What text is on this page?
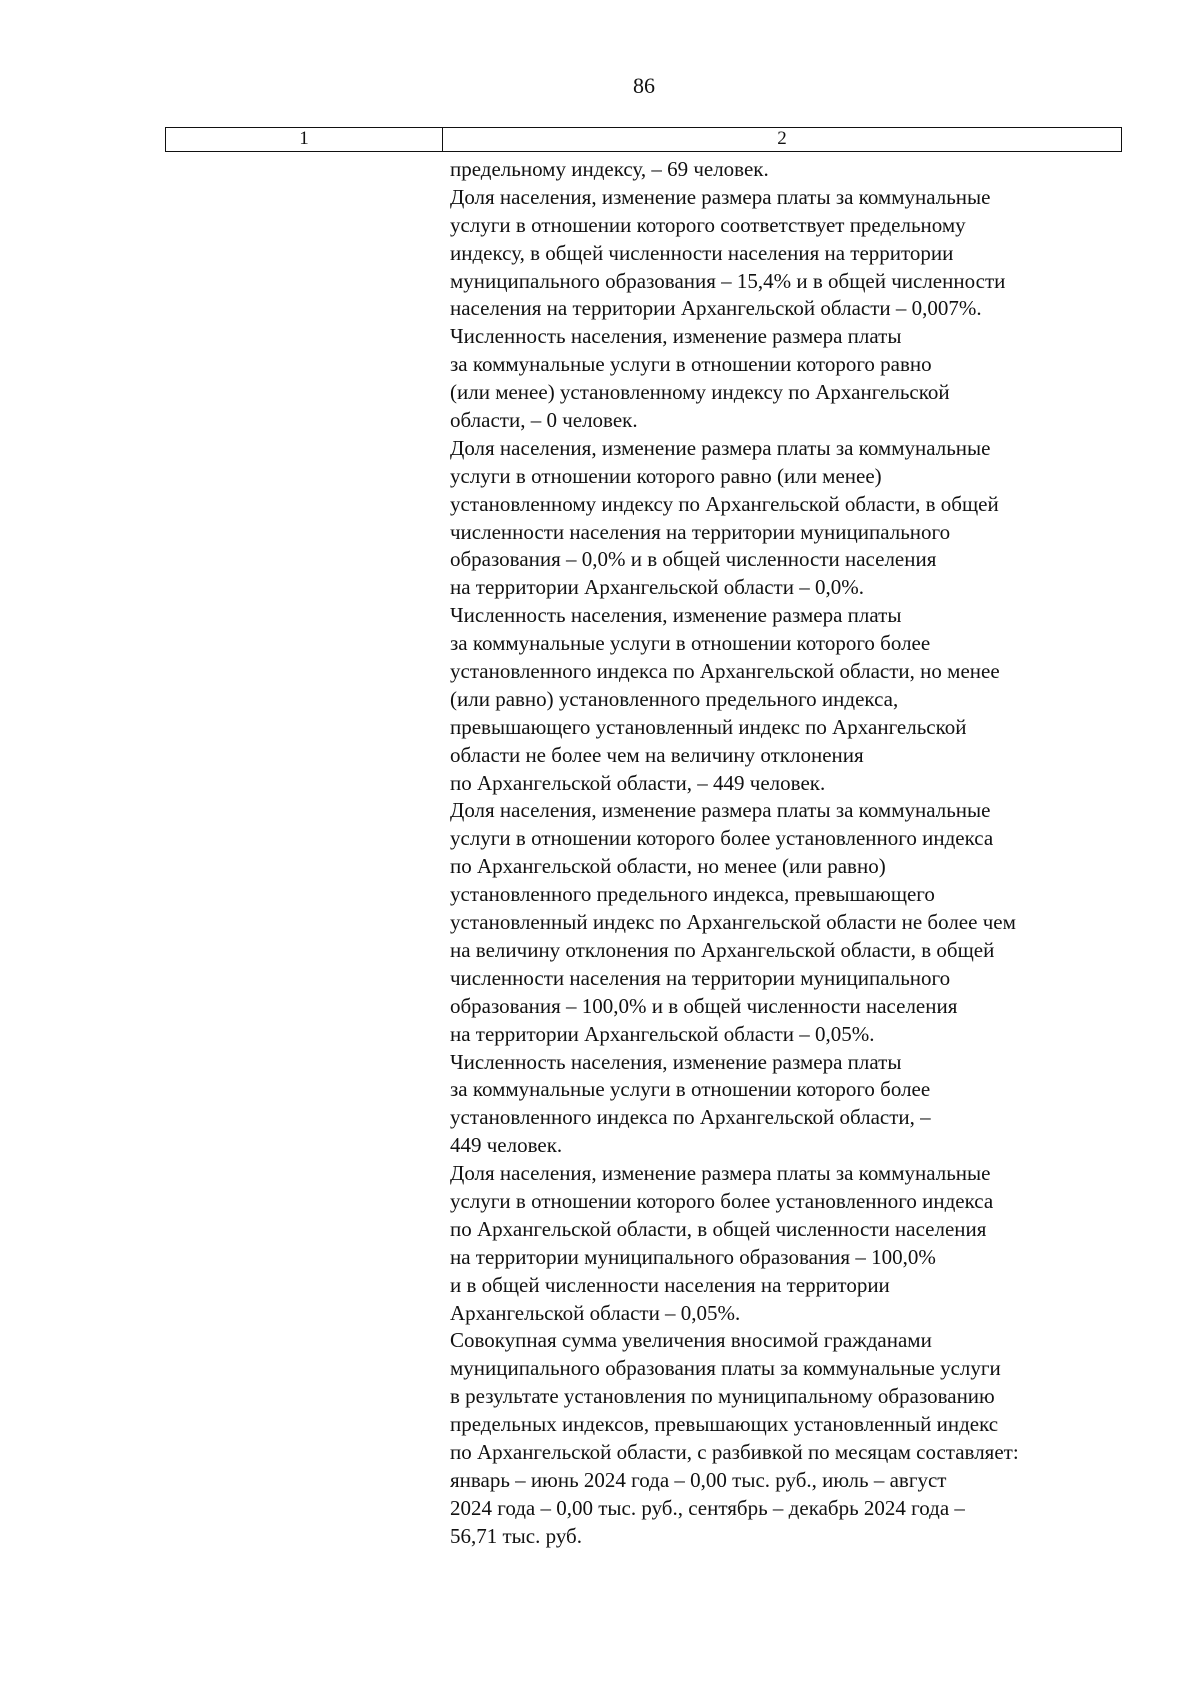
86
1	2
предельному индексу, – 69 человек.
Доля населения, изменение размера платы за коммунальные
услуги в отношении которого соответствует предельному
индексу, в общей численности населения на территории
муниципального образования – 15,4% и в общей численности
населения на территории Архангельской области – 0,007%.
Численность населения, изменение размера платы
за коммунальные услуги в отношении которого равно
(или менее) установленному индексу по Архангельской
области, – 0 человек.
Доля населения, изменение размера платы за коммунальные
услуги в отношении которого равно (или менее)
установленному индексу по Архангельской области, в общей
численности населения на территории муниципального
образования – 0,0% и в общей численности населения
на территории Архангельской области – 0,0%.
Численность населения, изменение размера платы
за коммунальные услуги в отношении которого более
установленного индекса по Архангельской области, но менее
(или равно) установленного предельного индекса,
превышающего установленный индекс по Архангельской
области не более чем на величину отклонения
по Архангельской области, – 449 человек.
Доля населения, изменение размера платы за коммунальные
услуги в отношении которого более установленного индекса
по Архангельской области, но менее (или равно)
установленного предельного индекса, превышающего
установленный индекс по Архангельской области не более чем
на величину отклонения по Архангельской области, в общей
численности населения на территории муниципального
образования – 100,0% и в общей численности населения
на территории Архангельской области – 0,05%.
Численность населения, изменение размера платы
за коммунальные услуги в отношении которого более
установленного индекса по Архангельской области, –
449 человек.
Доля населения, изменение размера платы за коммунальные
услуги в отношении которого более установленного индекса
по Архангельской области, в общей численности населения
на территории муниципального образования – 100,0%
и в общей численности населения на территории
Архангельской области – 0,05%.
Совокупная сумма увеличения вносимой гражданами
муниципального образования платы за коммунальные услуги
в результате установления по муниципальному образованию
предельных индексов, превышающих установленный индекс
по Архангельской области, с разбивкой по месяцам составляет:
январь – июнь 2024 года – 0,00 тыс. руб., июль – август
2024 года – 0,00 тыс. руб., сентябрь – декабрь 2024 года –
56,71 тыс. руб.
